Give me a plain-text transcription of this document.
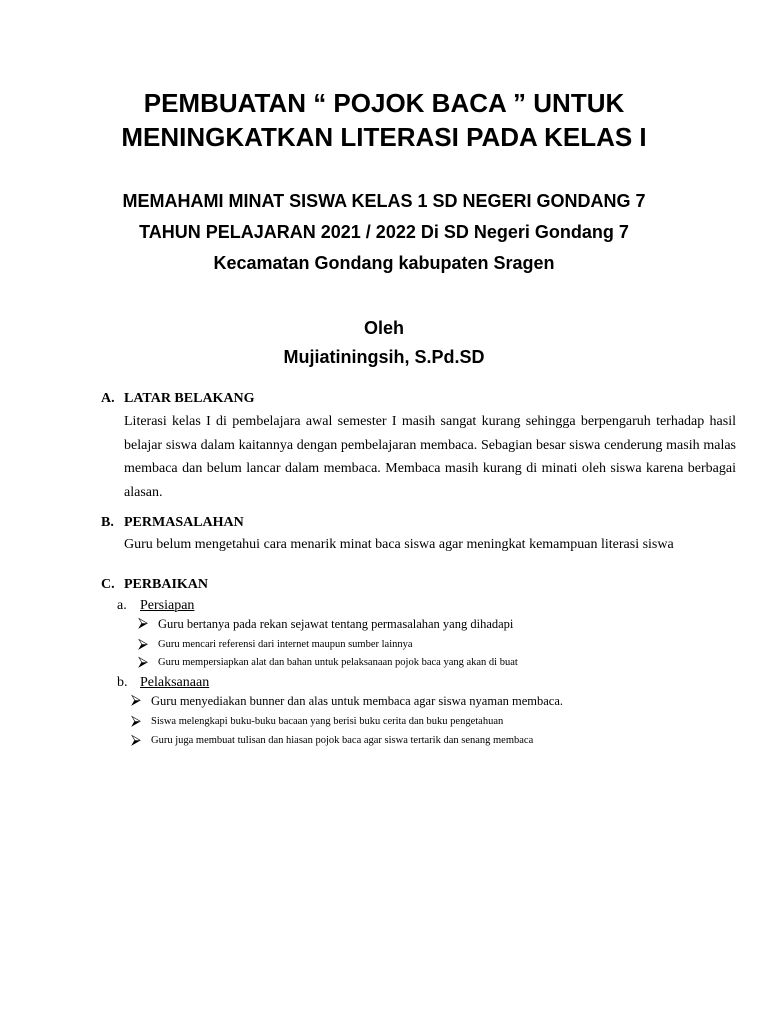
PEMBUATAN “ POJOK BACA ” UNTUK
MENINGKATKAN LITERASI PADA KELAS I
MEMAHAMI MINAT SISWA KELAS 1 SD NEGERI GONDANG 7
TAHUN PELAJARAN 2021 / 2022 Di SD Negeri Gondang 7
Kecamatan Gondang kabupaten Sragen
Oleh
Mujiatiningsih, S.Pd.SD
A. LATAR BELAKANG
Literasi kelas I di pembelajara awal semester I masih sangat kurang sehingga berpengaruh terhadap hasil belajar siswa dalam kaitannya dengan pembelajaran membaca. Sebagian besar siswa cenderung masih malas membaca dan belum lancar dalam membaca. Membaca masih kurang di minati oleh siswa karena berbagai alasan.
B. PERMASALAHAN
Guru belum mengetahui cara menarik minat baca siswa agar meningkat kemampuan literasi siswa
C. PERBAIKAN
a. Persiapan
⮚ Guru bertanya pada rekan sejawat tentang permasalahan yang dihadapi
⮚ Guru mencari referensi dari internet maupun sumber lainnya
⮚ Guru mempersiapkan alat dan bahan untuk pelaksanaan pojok baca yang akan di buat
b. Pelaksanaan
⮚ Guru menyediakan bunner dan alas untuk membaca agar siswa nyaman membaca.
⮚ Siswa melengkapi buku-buku bacaan yang berisi buku cerita dan buku pengetahuan
⮚ Guru juga membuat tulisan dan hiasan pojok baca agar siswa tertarik dan senang membaca
